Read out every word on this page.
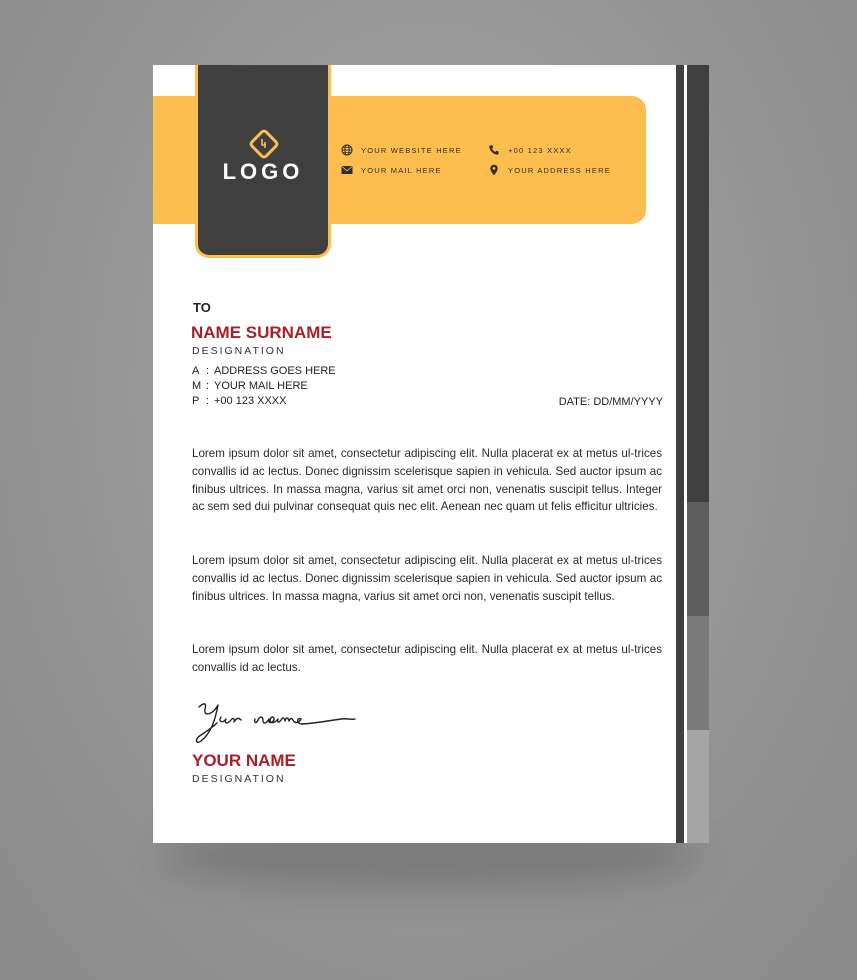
LOGO
YOUR WEBSITE HERE	+00 123 XXXX
YOUR MAIL HERE	YOUR ADDRESS HERE
TO
NAME SURNAME
DESIGNATION
A : ADDRESS GOES HERE
M : YOUR MAIL HERE
P : +00 123 XXXX	DATE: DD/MM/YYYY

Lorem ipsum dolor sit amet, consectetur adipiscing elit. Nulla placerat ex at metus ul-trices convallis id ac lectus. Donec dignissim scelerisque sapien in vehicula. Sed auctor ipsum ac finibus ultrices. In massa magna, varius sit amet orci non, venenatis suscipit tellus. Integer ac sem sed dui pulvinar consequat quis nec elit. Aenean nec quam ut felis efficitur ultricies.

Lorem ipsum dolor sit amet, consectetur adipiscing elit. Nulla placerat ex at metus ul-trices convallis id ac lectus. Donec dignissim scelerisque sapien in vehicula. Sed auctor ipsum ac finibus ultrices. In massa magna, varius sit amet orci non, venenatis suscipit tellus.

Lorem ipsum dolor sit amet, consectetur adipiscing elit. Nulla placerat ex at metus ul-trices convallis id ac lectus.

YOUR NAME
DESIGNATION
